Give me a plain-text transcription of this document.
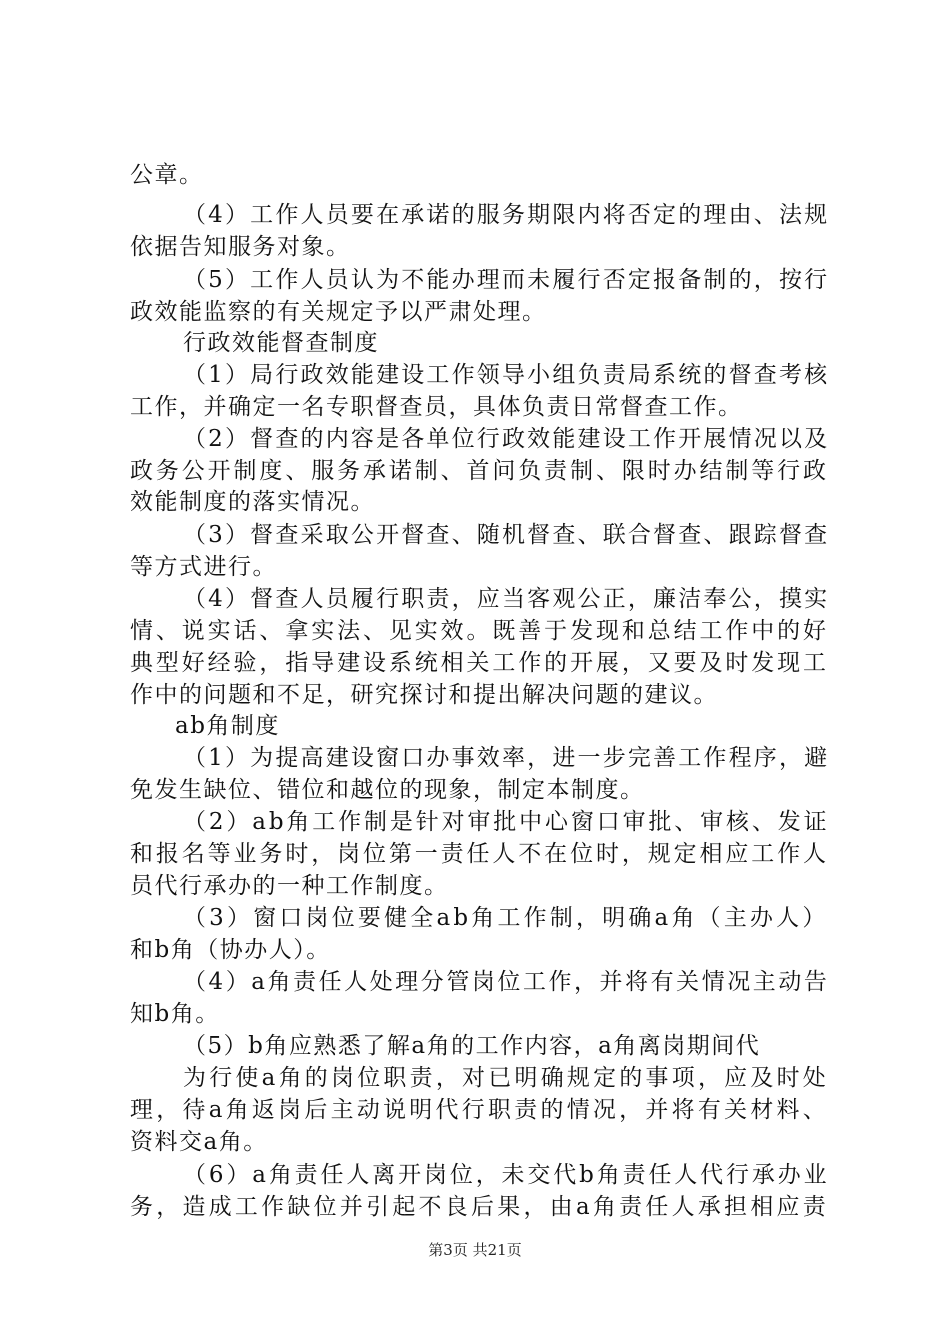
公章。
（4）工作人员要在承诺的服务期限内将否定的理由、法规
依据告知服务对象。
（5）工作人员认为不能办理而未履行否定报备制的，按行
政效能监察的有关规定予以严肃处理。
行政效能督查制度
（1）局行政效能建设工作领导小组负责局系统的督查考核
工作，并确定一名专职督查员，具体负责日常督查工作。
（2）督查的内容是各单位行政效能建设工作开展情况以及
政务公开制度、服务承诺制、首问负责制、限时办结制等行政
效能制度的落实情况。
（3）督查采取公开督查、随机督查、联合督查、跟踪督查
等方式进行。
（4）督查人员履行职责，应当客观公正，廉洁奉公，摸实
情、说实话、拿实法、见实效。既善于发现和总结工作中的好
典型好经验，指导建设系统相关工作的开展，又要及时发现工
作中的问题和不足，研究探讨和提出解决问题的建议。
ab角制度
（1）为提高建设窗口办事效率，进一步完善工作程序，避
免发生缺位、错位和越位的现象，制定本制度。
（2）ab角工作制是针对审批中心窗口审批、审核、发证
和报名等业务时，岗位第一责任人不在位时，规定相应工作人
员代行承办的一种工作制度。
（3）窗口岗位要健全ab角工作制，明确a角（主办人）
和b角（协办人）。
（4）a角责任人处理分管岗位工作，并将有关情况主动告
知b角。
（5）b角应熟悉了解a角的工作内容，a角离岗期间代
为行使a角的岗位职责，对已明确规定的事项，应及时处
理，待a角返岗后主动说明代行职责的情况，并将有关材料、
资料交a角。
（6）a角责任人离开岗位，未交代b角责任人代行承办业
务，造成工作缺位并引起不良后果，由a角责任人承担相应责
第3页 共21页
